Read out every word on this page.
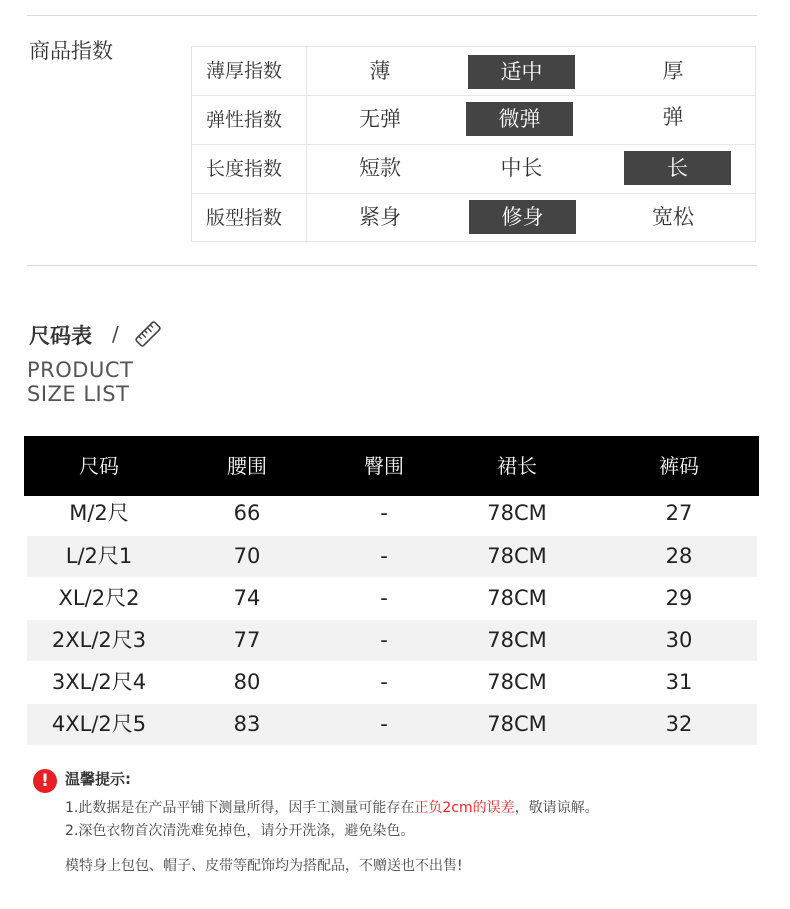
商品指数
薄厚指数	薄	适中	厚
弹性指数	无弹	微弹	弹
长度指数	短款	中长	长
版型指数	紧身	修身	宽松
尺码表 /
PRODUCT
SIZE LIST
尺码	腰围	臀围	裙长	裤码
M/2尺	66	-	78CM	27
L/2尺1	70	-	78CM	28
XL/2尺2	74	-	78CM	29
2XL/2尺3	77	-	78CM	30
3XL/2尺4	80	-	78CM	31
4XL/2尺5	83	-	78CM	32
!	温馨提示:
1.此数据是在产品平铺下测量所得，因手工测量可能存在正负2cm的误差，敬请谅解。
2.深色衣物首次清洗难免掉色，请分开洗涤，避免染色。
模特身上包包、帽子、皮带等配饰均为搭配品，不赠送也不出售!
